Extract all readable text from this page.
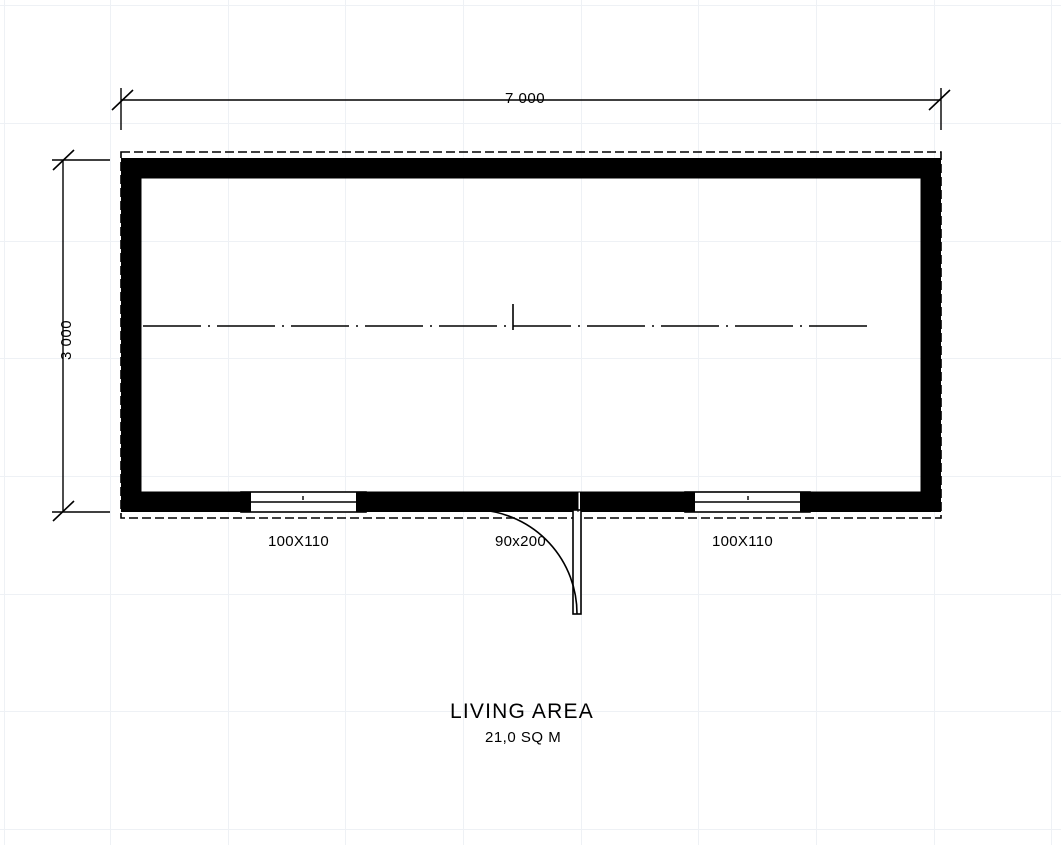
7 000
3 000
100X110	90x200	100X110
LIVING AREA
21,0 SQ M
